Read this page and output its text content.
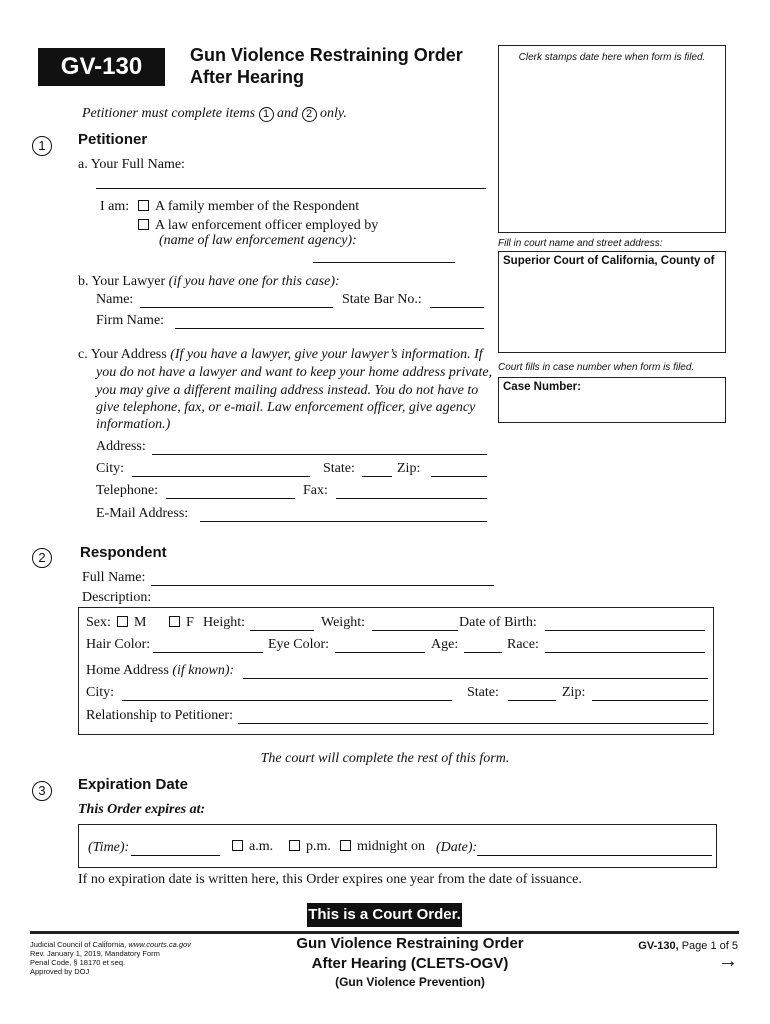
GV-130	Gun Violence Restraining Order
After Hearing
Petitioner must complete items 1 and 2 only.
Clerk stamps date here when form is filed.
Fill in court name and street address:
Superior Court of California, County of
Court fills in case number when form is filed.
Case Number:
1	Petitioner
a. Your Full Name:
I am:	A family member of the Respondent
A law enforcement officer employed by
(name of law enforcement agency):
b. Your Lawyer (if you have one for this case):
Name:	State Bar No.:
Firm Name:
c. Your Address (If you have a lawyer, give your lawyer’s information. If
you do not have a lawyer and want to keep your home address private,
you may give a different mailing address instead. You do not have to
give telephone, fax, or e-mail. Law enforcement officer, give agency
information.)
Address:
City:	State:	Zip:
Telephone:	Fax:
E-Mail Address:
2	Respondent
Full Name:
Description:
Sex:	M	F Height:	Weight:	Date of Birth:
Hair Color:	Eye Color:	Age:	Race:
Home Address (if known):
City:	State:	Zip:
Relationship to Petitioner:
The court will complete the rest of this form.
3	Expiration Date
This Order expires at:
(Time):	a.m.	p.m.	midnight on (Date):
If no expiration date is written here, this Order expires one year from the date of issuance.
This is a Court Order.
Judicial Council of California, www.courts.ca.gov
Rev. January 1, 2019, Mandatory Form
Penal Code, § 18170 et seq.
Approved by DOJ
Gun Violence Restraining Order
After Hearing (CLETS-OGV)
(Gun Violence Prevention)
GV-130, Page 1 of 5
→
